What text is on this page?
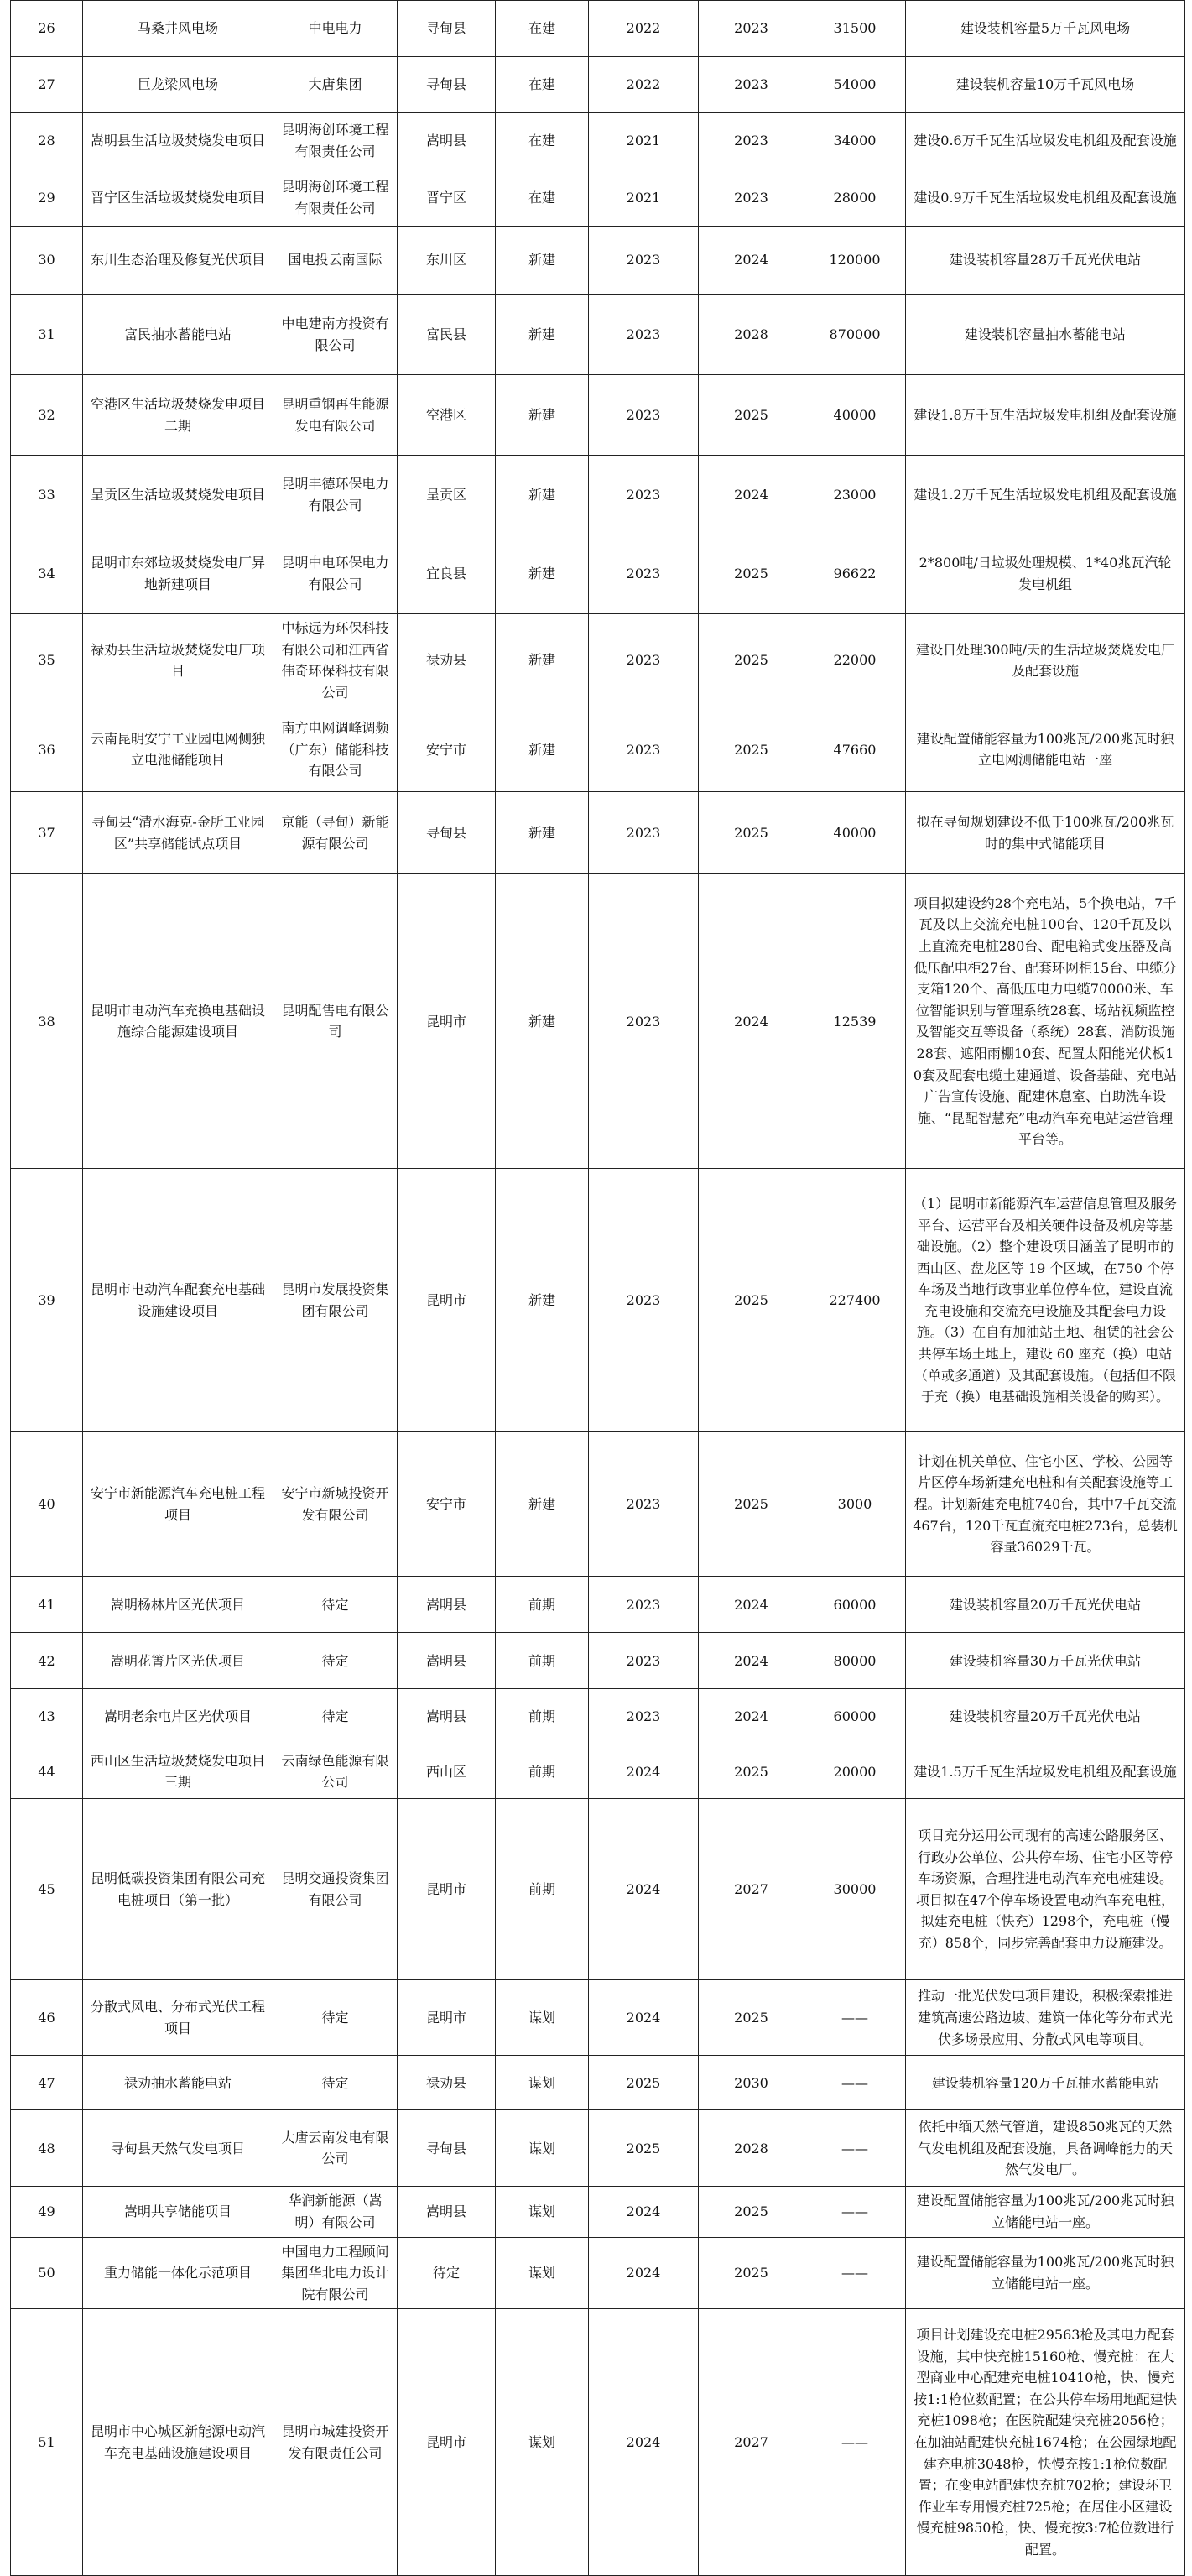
26	马桑井风电场	中电电力	寻甸县	在建	2022	2023	31500	建设装机容量5万千瓦风电场
27	巨龙梁风电场	大唐集团	寻甸县	在建	2022	2023	54000	建设装机容量10万千瓦风电场
28	嵩明县生活垃圾焚烧发电项目	昆明海创环境工程有限责任公司	嵩明县	在建	2021	2023	34000	建设0.6万千瓦生活垃圾发电机组及配套设施
29	晋宁区生活垃圾焚烧发电项目	昆明海创环境工程有限责任公司	晋宁区	在建	2021	2023	28000	建设0.9万千瓦生活垃圾发电机组及配套设施
30	东川生态治理及修复光伏项目	国电投云南国际	东川区	新建	2023	2024	120000	建设装机容量28万千瓦光伏电站
31	富民抽水蓄能电站	中电建南方投资有限公司	富民县	新建	2023	2028	870000	建设装机容量抽水蓄能电站
32	空港区生活垃圾焚烧发电项目二期	昆明重钢再生能源发电有限公司	空港区	新建	2023	2025	40000	建设1.8万千瓦生活垃圾发电机组及配套设施
33	呈贡区生活垃圾焚烧发电项目	昆明丰德环保电力有限公司	呈贡区	新建	2023	2024	23000	建设1.2万千瓦生活垃圾发电机组及配套设施
34	昆明市东郊垃圾焚烧发电厂异地新建项目	昆明中电环保电力有限公司	宜良县	新建	2023	2025	96622	2*800吨/日垃圾处理规模、1*40兆瓦汽轮发电机组
35	禄劝县生活垃圾焚烧发电厂项目	中标远为环保科技有限公司和江西省伟奇环保科技有限公司	禄劝县	新建	2023	2025	22000	建设日处理300吨/天的生活垃圾焚烧发电厂及配套设施
36	云南昆明安宁工业园电网侧独立电池储能项目	南方电网调峰调频（广东）储能科技有限公司	安宁市	新建	2023	2025	47660	建设配置储能容量为100兆瓦/200兆瓦时独立电网测储能电站一座
37	寻甸县“清水海克-金所工业园区”共享储能试点项目	京能（寻甸）新能源有限公司	寻甸县	新建	2023	2025	40000	拟在寻甸规划建设不低于100兆瓦/200兆瓦时的集中式储能项目
38	昆明市电动汽车充换电基础设施综合能源建设项目	昆明配售电有限公司	昆明市	新建	2023	2024	12539	项目拟建设约28个充电站，5个换电站，7千瓦及以上交流充电桩100台、120千瓦及以上直流充电桩280台、配电箱式变压器及高低压配电柜27台、配套环网柜15台、电缆分支箱120个、高低压电力电缆70000米、车位智能识别与管理系统28套、场站视频监控及智能交互等设备（系统）28套、消防设施28套、遮阳雨棚10套、配置太阳能光伏板10套及配套电缆土建通道、设备基础、充电站广告宣传设施、配建休息室、自助洗车设施、“昆配智慧充”电动汽车充电站运营管理平台等。
39	昆明市电动汽车配套充电基础设施建设项目	昆明市发展投资集团有限公司	昆明市	新建	2023	2025	227400	（1）昆明市新能源汽车运营信息管理及服务平台、运营平台及相关硬件设备及机房等基础设施。（2）整个建设项目涵盖了昆明市的西山区、盘龙区等 19 个区域，在750 个停车场及当地行政事业单位停车位，建设直流充电设施和交流充电设施及其配套电力设施。（3）在自有加油站土地、租赁的社会公共停车场土地上，建设 60 座充（换）电站（单或多通道）及其配套设施。（包括但不限于充（换）电基础设施相关设备的购买）。
40	安宁市新能源汽车充电桩工程项目	安宁市新城投资开发有限公司	安宁市	新建	2023	2025	3000	计划在机关单位、住宅小区、学校、公园等片区停车场新建充电桩和有关配套设施等工程。计划新建充电桩740台，其中7千瓦交流467台，120千瓦直流充电桩273台，总装机容量36029千瓦。
41	嵩明杨林片区光伏项目	待定	嵩明县	前期	2023	2024	60000	建设装机容量20万千瓦光伏电站
42	嵩明花箐片区光伏项目	待定	嵩明县	前期	2023	2024	80000	建设装机容量30万千瓦光伏电站
43	嵩明老余屯片区光伏项目	待定	嵩明县	前期	2023	2024	60000	建设装机容量20万千瓦光伏电站
44	西山区生活垃圾焚烧发电项目三期	云南绿色能源有限公司	西山区	前期	2024	2025	20000	建设1.5万千瓦生活垃圾发电机组及配套设施
45	昆明低碳投资集团有限公司充电桩项目（第一批）	昆明交通投资集团有限公司	昆明市	前期	2024	2027	30000	项目充分运用公司现有的高速公路服务区、行政办公单位、公共停车场、住宅小区等停车场资源，合理推进电动汽车充电桩建设。项目拟在47个停车场设置电动汽车充电桩，拟建充电桩（快充）1298个，充电桩（慢充）858个，同步完善配套电力设施建设。
46	分散式风电、分布式光伏工程项目	待定	昆明市	谋划	2024	2025	——	推动一批光伏发电项目建设，积极探索推进建筑高速公路边坡、建筑一体化等分布式光伏多场景应用、分散式风电等项目。
47	禄劝抽水蓄能电站	待定	禄劝县	谋划	2025	2030	——	建设装机容量120万千瓦抽水蓄能电站
48	寻甸县天然气发电项目	大唐云南发电有限公司	寻甸县	谋划	2025	2028	——	依托中缅天然气管道，建设850兆瓦的天然气发电机组及配套设施，具备调峰能力的天然气发电厂。
49	嵩明共享储能项目	华润新能源（嵩明）有限公司	嵩明县	谋划	2024	2025	——	建设配置储能容量为100兆瓦/200兆瓦时独立储能电站一座。
50	重力储能一体化示范项目	中国电力工程顾问集团华北电力设计院有限公司	待定	谋划	2024	2025	——	建设配置储能容量为100兆瓦/200兆瓦时独立储能电站一座。
51	昆明市中心城区新能源电动汽车充电基础设施建设项目	昆明市城建投资开发有限责任公司	昆明市	谋划	2024	2027	——	项目计划建设充电桩29563枪及其电力配套设施，其中快充桩15160枪、慢充桩：在大型商业中心配建充电桩10410枪，快、慢充按1:1枪位数配置；在公共停车场用地配建快充桩1098枪；在医院配建快充桩2056枪；在加油站配建快充桩1674枪；在公园绿地配建充电桩3048枪，快慢充按1:1枪位数配置；在变电站配建快充桩702枪；建设环卫作业车专用慢充桩725枪；在居住小区建设慢充桩9850枪，快、慢充按3:7枪位数进行配置。
